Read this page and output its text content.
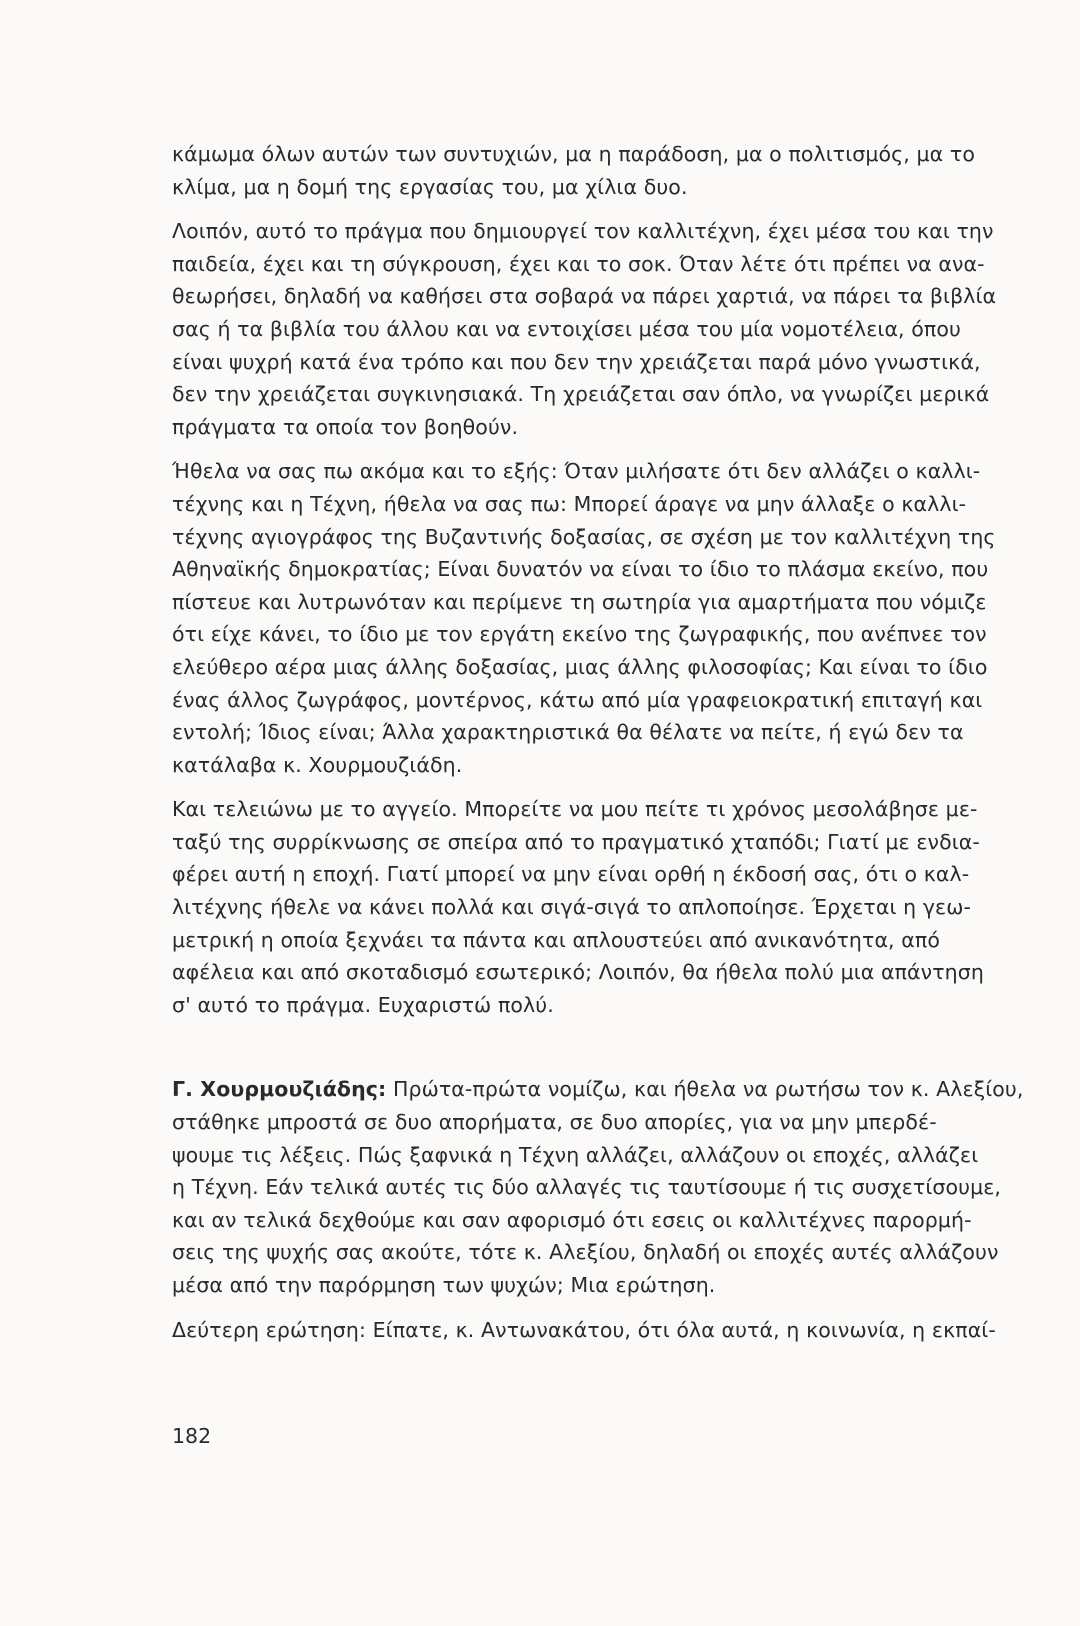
κάμωμα όλων αυτών των συντυχιών, μα η παράδοση, μα ο πολιτισμός, μα το
κλίμα, μα η δομή της εργασίας του, μα χίλια δυο.
Λοιπόν, αυτό το πράγμα που δημιουργεί τον καλλιτέχνη, έχει μέσα του και την
παιδεία, έχει και τη σύγκρουση, έχει και το σοκ. Όταν λέτε ότι πρέπει να ανα-
θεωρήσει, δηλαδή να καθήσει στα σοβαρά να πάρει χαρτιά, να πάρει τα βιβλία
σας ή τα βιβλία του άλλου και να εντοιχίσει μέσα του μία νομοτέλεια, όπου
είναι ψυχρή κατά ένα τρόπο και που δεν την χρειάζεται παρά μόνο γνωστικά,
δεν την χρειάζεται συγκινησιακά. Τη χρειάζεται σαν όπλο, να γνωρίζει μερικά
πράγματα τα οποία τον βοηθούν.
Ήθελα να σας πω ακόμα και το εξής: Όταν μιλήσατε ότι δεν αλλάζει ο καλλι-
τέχνης και η Τέχνη, ήθελα να σας πω: Μπορεί άραγε να μην άλλαξε ο καλλι-
τέχνης αγιογράφος της Βυζαντινής δοξασίας, σε σχέση με τον καλλιτέχνη της
Αθηναϊκής δημοκρατίας; Είναι δυνατόν να είναι το ίδιο το πλάσμα εκείνο, που
πίστευε και λυτρωνόταν και περίμενε τη σωτηρία για αμαρτήματα που νόμιζε
ότι είχε κάνει, το ίδιο με τον εργάτη εκείνο της ζωγραφικής, που ανέπνεε τον
ελεύθερο αέρα μιας άλλης δοξασίας, μιας άλλης φιλοσοφίας; Και είναι το ίδιο
ένας άλλος ζωγράφος, μοντέρνος, κάτω από μία γραφειοκρατική επιταγή και
εντολή; Ίδιος είναι; Άλλα χαρακτηριστικά θα θέλατε να πείτε, ή εγώ δεν τα
κατάλαβα κ. Χουρμουζιάδη.
Και τελειώνω με το αγγείο. Μπορείτε να μου πείτε τι χρόνος μεσολάβησε με-
ταξύ της συρρίκνωσης σε σπείρα από το πραγματικό χταπόδι; Γιατί με ενδια-
φέρει αυτή η εποχή. Γιατί μπορεί να μην είναι ορθή η έκδοσή σας, ότι ο καλ-
λιτέχνης ήθελε να κάνει πολλά και σιγά-σιγά το απλοποίησε. Έρχεται η γεω-
μετρική η οποία ξεχνάει τα πάντα και απλουστεύει από ανικανότητα, από
αφέλεια και από σκοταδισμό εσωτερικό; Λοιπόν, θα ήθελα πολύ μια απάντηση
σ' αυτό το πράγμα. Ευχαριστώ πολύ.
Γ. Χουρμουζιάδης: Πρώτα-πρώτα νομίζω, και ήθελα να ρωτήσω τον κ. Αλεξίου,
στάθηκε μπροστά σε δυο απορήματα, σε δυο απορίες, για να μην μπερδέ-
ψουμε τις λέξεις. Πώς ξαφνικά η Τέχνη αλλάζει, αλλάζουν οι εποχές, αλλάζει
η Τέχνη. Εάν τελικά αυτές τις δύο αλλαγές τις ταυτίσουμε ή τις συσχετίσουμε,
και αν τελικά δεχθούμε και σαν αφορισμό ότι εσεις οι καλλιτέχνες παρορμή-
σεις της ψυχής σας ακούτε, τότε κ. Αλεξίου, δηλαδή οι εποχές αυτές αλλάζουν
μέσα από την παρόρμηση των ψυχών; Μια ερώτηση.
Δεύτερη ερώτηση: Είπατε, κ. Αντωνακάτου, ότι όλα αυτά, η κοινωνία, η εκπαί-
182
